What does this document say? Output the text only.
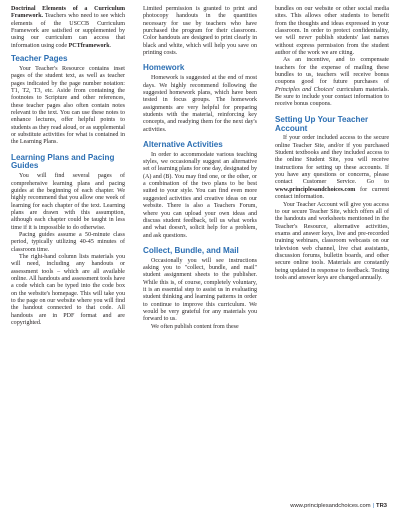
Doctrinal Elements of a Curriculum Framework. Teachers who need to see which elements of the USCCB Curriculum Framework are satisfied or supplemented by using our curriculum can access that information using code PCTframework.

Teacher Pages

Your Teacher's Resource contains inset pages of the student text, as well as teacher pages indicated by the page number notation: T1, T2, T3, etc. Aside from containing the footnotes to Scripture and other references, these teacher pages also often contain notes relevant to the text. You can use these notes to enhance lectures, offer helpful points to students as they read aloud, or as supplemental or substitute activities for what is contained in the Learning Plans.

Learning Plans and Pacing Guides

You will find several pages of comprehensive learning plans and pacing guides at the beginning of each chapter. We highly recommend that you allow one week of learning for each chapter of the text. Learning plans are drawn with this assumption, although each chapter could be taught in less time if it is impossible to do otherwise.

Pacing guides assume a 50-minute class period, typically utilizing 40-45 minutes of classroom time.

The right-hand column lists materials you will need, including any handouts or assessment tools – which are all available online. All handouts and assessment tools have a code which can be typed into the code box on the website's homepage. This will take you to the page on our website where you will find the handout connected to that code. All handouts are in PDF format and are copyrighted.

Limited permission is granted to print and photocopy handouts in the quantities necessary for use by teachers who have purchased the program for their classroom. Color handouts are designed to print clearly in black and white, which will help you save on printing costs.

Homework

Homework is suggested at the end of most days. We highly recommend following the suggested homework plans, which have been tested in focus groups. The homework assignments are very helpful for preparing students with the material, reinforcing key concepts, and readying them for the next day's activities.

Alternative Activities

In order to accommodate various teaching styles, we occasionally suggest an alternative set of learning plans for one day, designated by (A) and (B). You may find one, or the other, or a combination of the two plans to be best suited to your style. You can find even more suggested activities and creative ideas on our website. There is also a Teachers Forum, where you can upload your own ideas and discuss student feedback, tell us what works and what doesn't, solicit help for a problem, and ask questions.

Collect, Bundle, and Mail

Occasionally you will see instructions asking you to "collect, bundle, and mail" student assignment sheets to the publisher. While this is, of course, completely voluntary, it is an essential step to assist us in evaluating student thinking and learning patterns in order to continue to improve this curriculum. We would be very grateful for any materials you forward to us.

We often publish content from these

bundles on our website or other social media sites. This allows other students to benefit from the thoughts and ideas expressed in your classroom. In order to protect confidentiality, we will never publish students' last names without express permission from the student author of the work we are citing.

As an incentive, and to compensate teachers for the expense of mailing these bundles to us, teachers will receive bonus coupons good for future purchases of Principles and Choices' curriculum materials. Be sure to include your contact information to receive bonus coupons.

Setting Up Your Teacher Account

If your order included access to the secure online Teacher Site, and/or if you purchased Student textbooks and they included access to the online Student Site, you will receive instructions for setting up these accounts. If you have any questions or concerns, please contact Customer Service. Go to www.principlesandchoices.com for current contact information.

Your Teacher Account will give you access to our secure Teacher Site, which offers all of the handouts and worksheets mentioned in the Teacher's Resource, alternative activities, exams and answer keys, live and pre-recorded training webinars, classroom webcasts on our television web channel, live chat assistants, discussion forums, bulletin boards, and other secure online tools. Materials are constantly being updated in response to feedback. Testing tools and answer keys are changed annually.

www.principlesandchoices.com | TR3
